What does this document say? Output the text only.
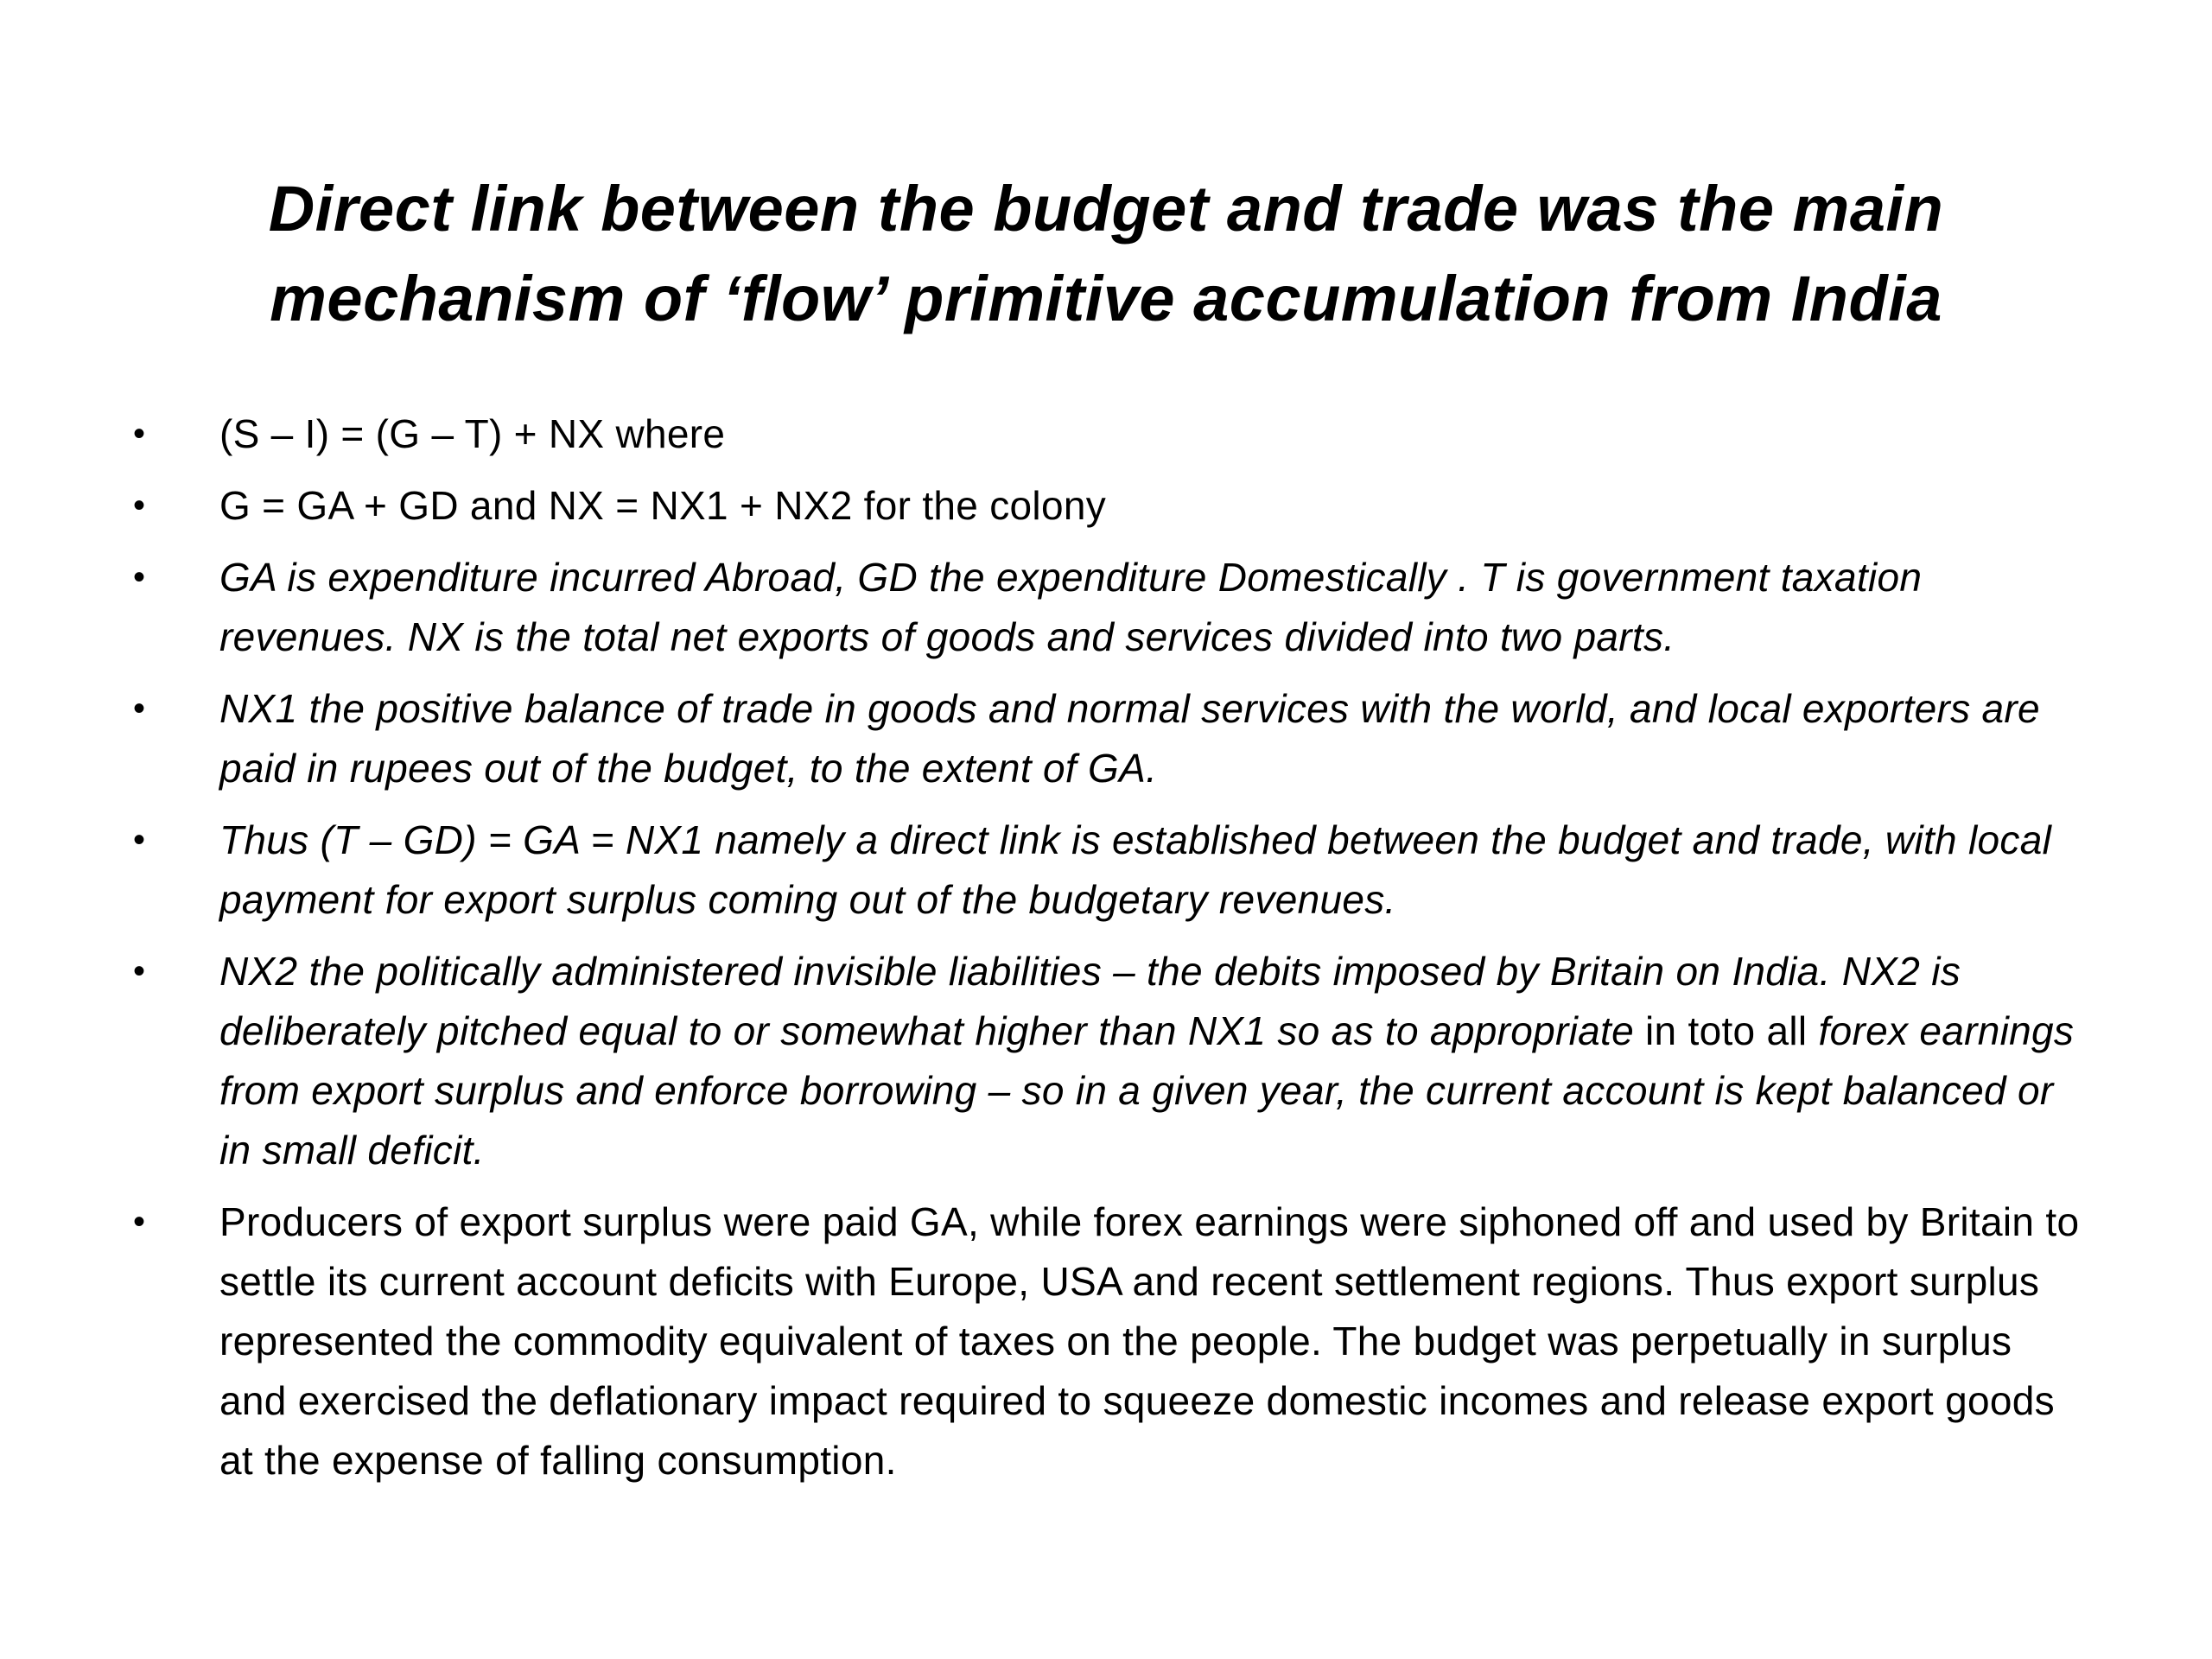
Direct link between the budget and trade was the main
mechanism of ‘flow’ primitive accumulation from India
• (S – I) = (G – T) + NX where
• G = GA + GD and NX = NX1 + NX2 for the colony
• GA is expenditure incurred Abroad, GD the expenditure Domestically . T is government taxation revenues. NX is the total net exports of goods and services divided into two parts.
• NX1 the positive balance of trade in goods and normal services with the world, and local exporters are paid in rupees out of the budget, to the extent of GA.
• Thus (T – GD) = GA = NX1 namely a direct link is established between the budget and trade, with local payment for export surplus coming out of the budgetary revenues.
• NX2 the politically administered invisible liabilities – the debits imposed by Britain on India. NX2 is deliberately pitched equal to or somewhat higher than NX1 so as to appropriate in toto all forex earnings from export surplus and enforce borrowing – so in a given year, the current account is kept balanced or in small deficit.
• Producers of export surplus were paid GA, while forex earnings were siphoned off and used by Britain to settle its current account deficits with Europe, USA and recent settlement regions. Thus export surplus represented the commodity equivalent of taxes on the people. The budget was perpetually in surplus and exercised the deflationary impact required to squeeze domestic incomes and release export goods at the expense of falling consumption.
